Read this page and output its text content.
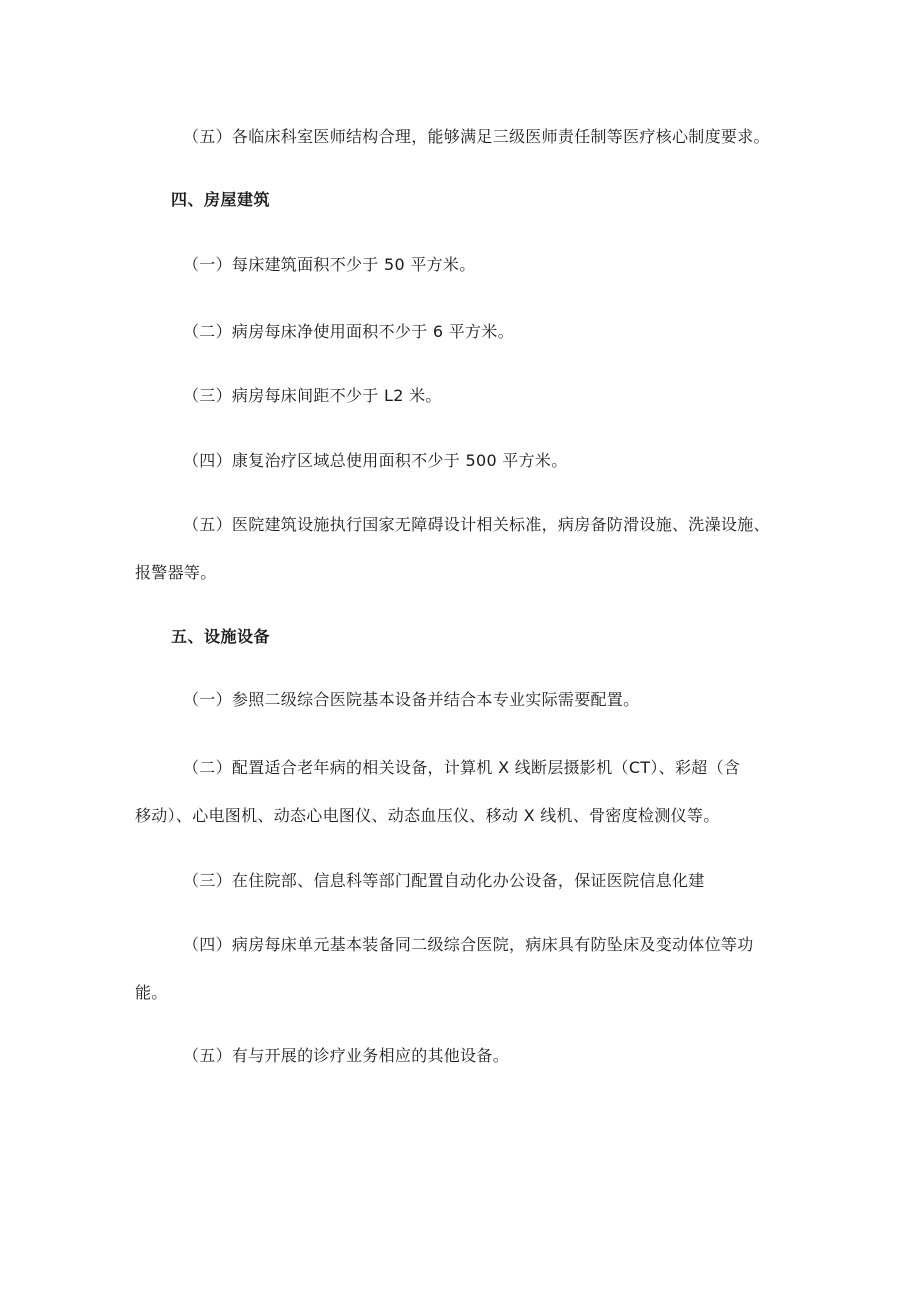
（五）各临床科室医师结构合理，能够满足三级医师责任制等医疗核心制度要求。

四、房屋建筑

（一）每床建筑面积不少于 50 平方米。

（二）病房每床净使用面积不少于 6 平方米。

（三）病房每床间距不少于 L2 米。

（四）康复治疗区域总使用面积不少于 500 平方米。

（五）医院建筑设施执行国家无障碍设计相关标准，病房备防滑设施、洗澡设施、

报警器等。

五、设施设备

（一）参照二级综合医院基本设备并结合本专业实际需要配置。

（二）配置适合老年病的相关设备，计算机 X 线断层摄影机（CT）、彩超（含

移动）、心电图机、动态心电图仪、动态血压仪、移动 X 线机、骨密度检测仪等。

（三）在住院部、信息科等部门配置自动化办公设备，保证医院信息化建

（四）病房每床单元基本装备同二级综合医院，病床具有防坠床及变动体位等功

能。

（五）有与开展的诊疗业务相应的其他设备。
